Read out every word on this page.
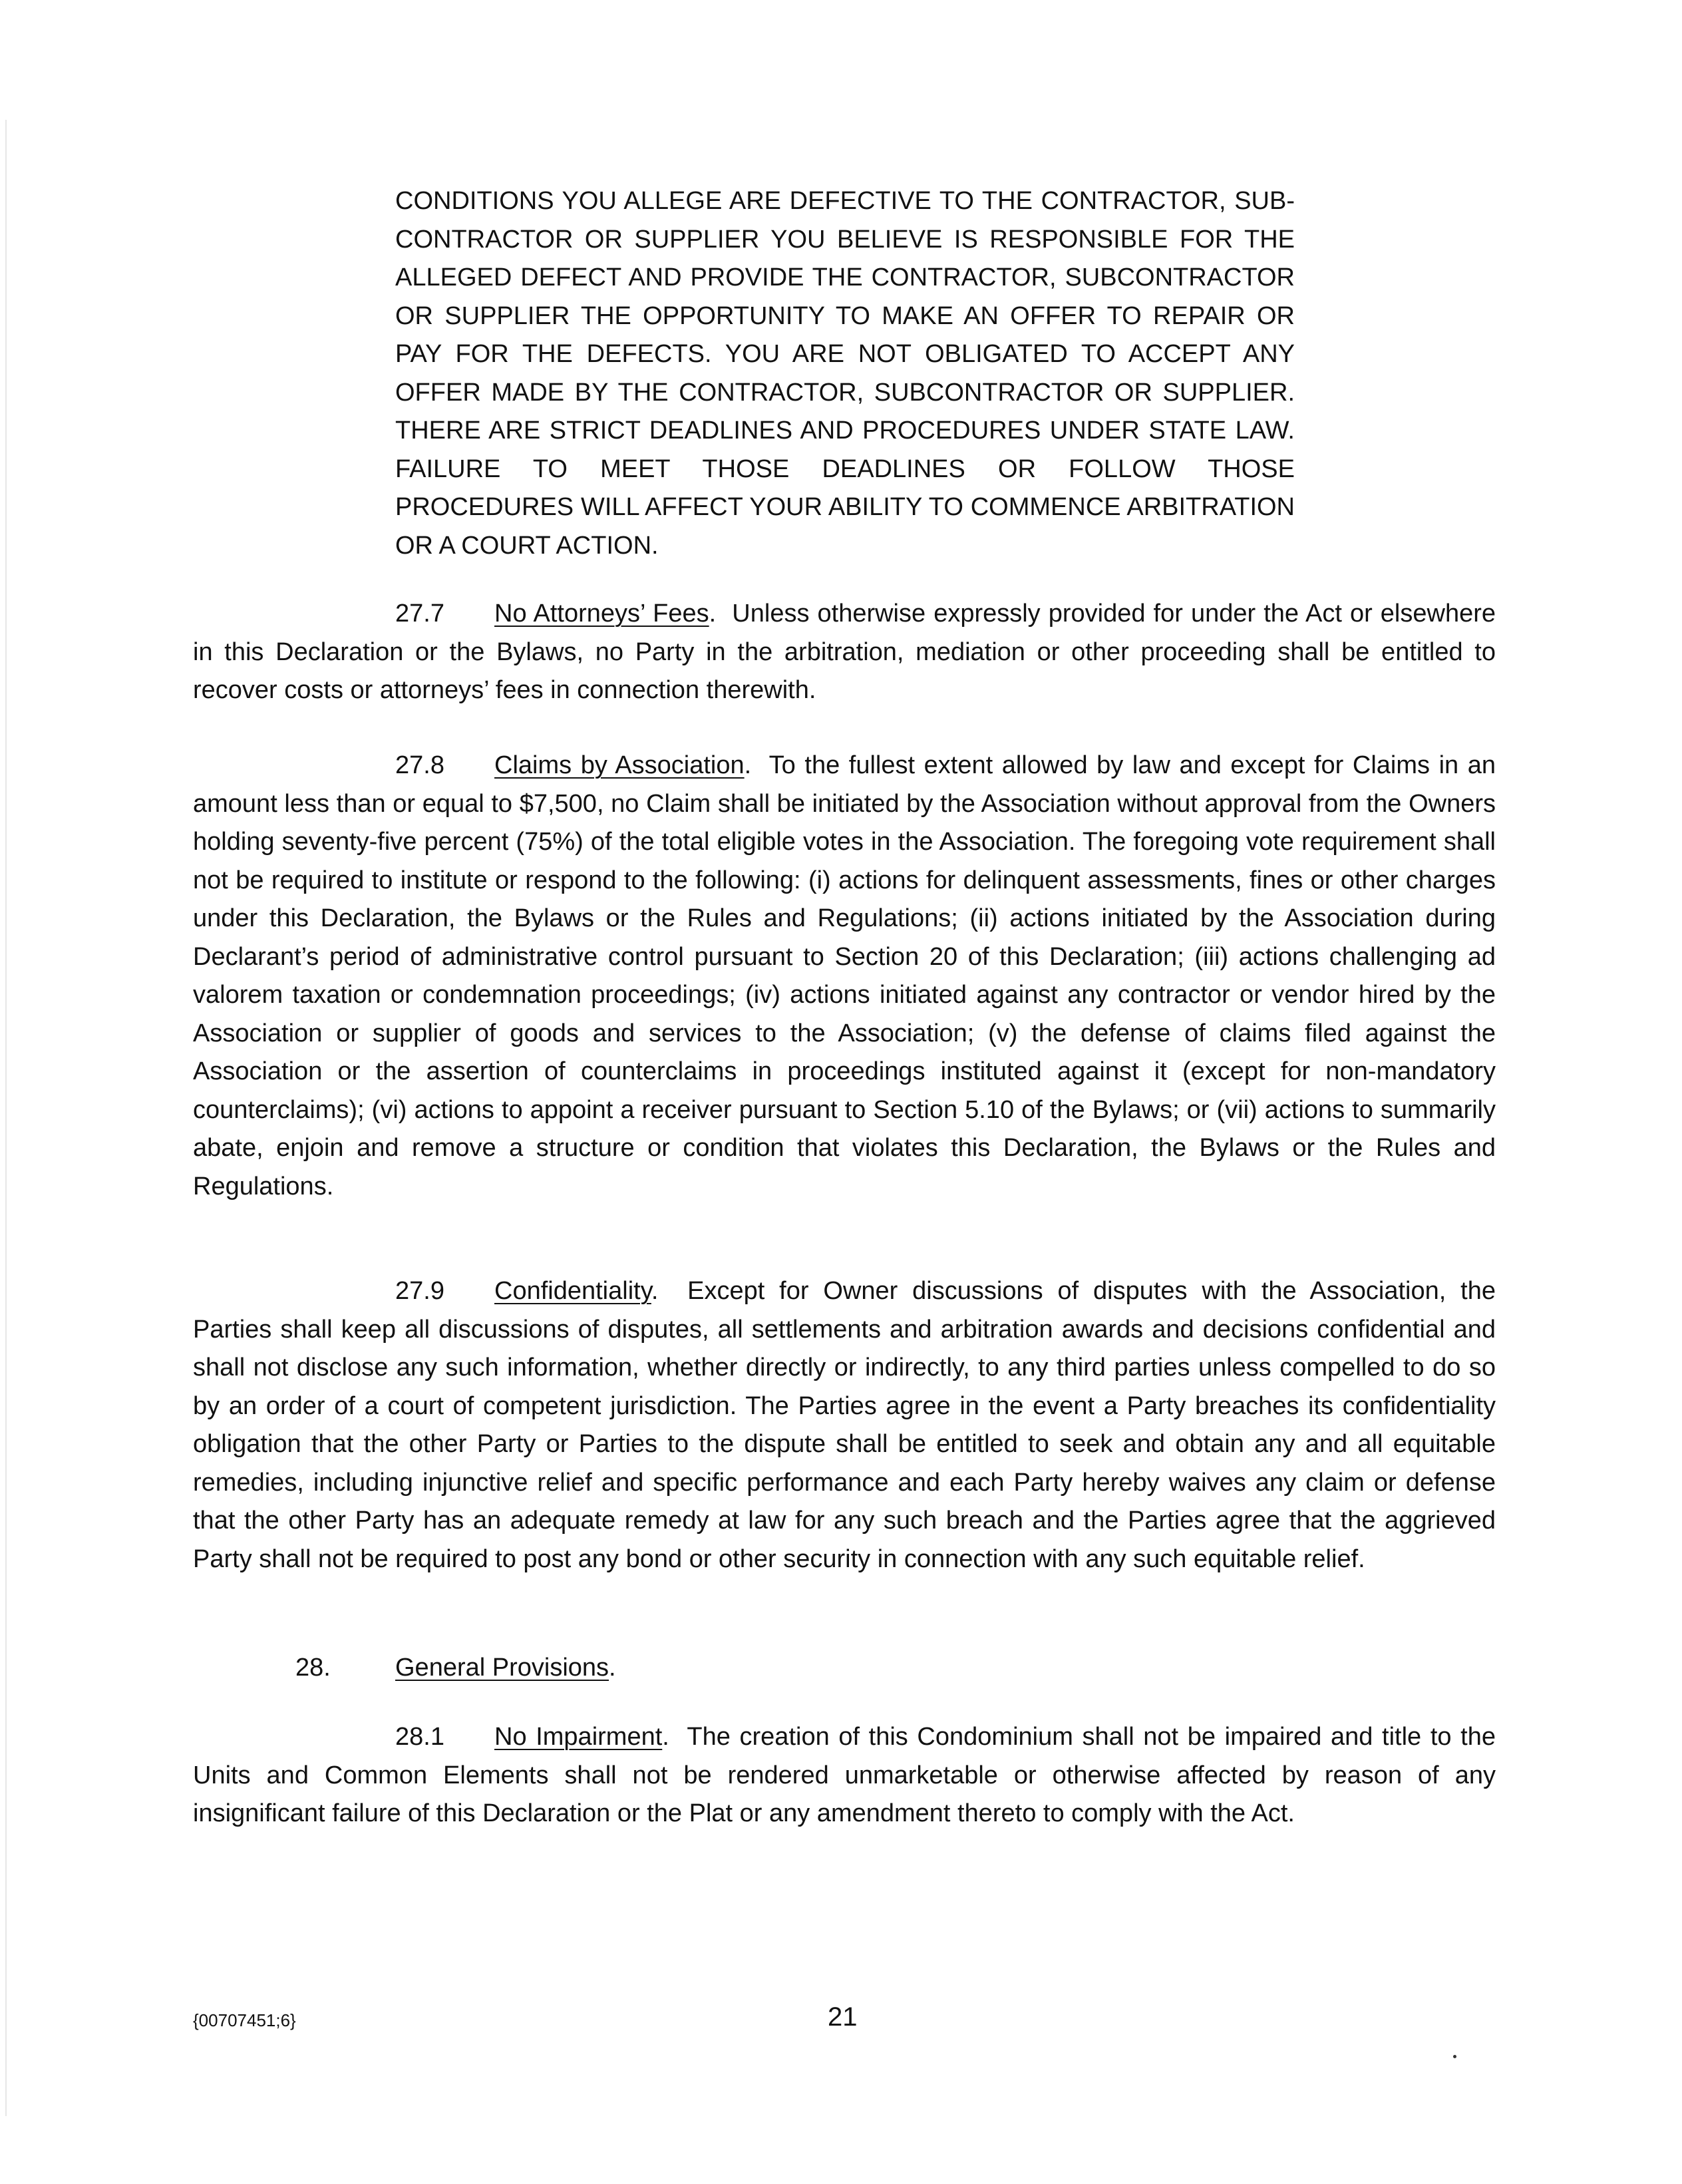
CONDITIONS YOU ALLEGE ARE DEFECTIVE TO THE CONTRACTOR, SUB-CONTRACTOR OR SUPPLIER YOU BELIEVE IS RESPONSIBLE FOR THE ALLEGED DEFECT AND PROVIDE THE CONTRACTOR, SUBCONTRACTOR OR SUPPLIER THE OPPORTUNITY TO MAKE AN OFFER TO REPAIR OR PAY FOR THE DEFECTS. YOU ARE NOT OBLIGATED TO ACCEPT ANY OFFER MADE BY THE CONTRACTOR, SUBCONTRACTOR OR SUPPLIER. THERE ARE STRICT DEADLINES AND PROCEDURES UNDER STATE LAW. FAILURE TO MEET THOSE DEADLINES OR FOLLOW THOSE PROCEDURES WILL AFFECT YOUR ABILITY TO COMMENCE ARBITRATION OR A COURT ACTION.
27.7 No Attorneys’ Fees.  Unless otherwise expressly provided for under the Act or elsewhere in this Declaration or the Bylaws, no Party in the arbitration, mediation or other proceeding shall be entitled to recover costs or attorneys’ fees in connection therewith.
27.8 Claims by Association.  To the fullest extent allowed by law and except for Claims in an amount less than or equal to $7,500, no Claim shall be initiated by the Association without approval from the Owners holding seventy-five percent (75%) of the total eligible votes in the Association. The foregoing vote requirement shall not be required to institute or respond to the following: (i) actions for delinquent assessments, fines or other charges under this Declaration, the Bylaws or the Rules and Regulations; (ii) actions initiated by the Association during Declarant’s period of administrative control pursuant to Section 20 of this Declaration; (iii) actions challenging ad valorem taxation or condemnation proceedings; (iv) actions initiated against any contractor or vendor hired by the Association or supplier of goods and services to the Association; (v) the defense of claims filed against the Association or the assertion of counterclaims in proceedings instituted against it (except for non-mandatory counterclaims); (vi) actions to appoint a receiver pursuant to Section 5.10 of the Bylaws; or (vii) actions to summarily abate, enjoin and remove a structure or condition that violates this Declaration, the Bylaws or the Rules and Regulations.
27.9 Confidentiality.  Except for Owner discussions of disputes with the Association, the Parties shall keep all discussions of disputes, all settlements and arbitration awards and decisions confidential and shall not disclose any such information, whether directly or indirectly, to any third parties unless compelled to do so by an order of a court of competent jurisdiction. The Parties agree in the event a Party breaches its confidentiality obligation that the other Party or Parties to the dispute shall be entitled to seek and obtain any and all equitable remedies, including injunctive relief and specific performance and each Party hereby waives any claim or defense that the other Party has an adequate remedy at law for any such breach and the Parties agree that the aggrieved Party shall not be required to post any bond or other security in connection with any such equitable relief.
28.	General Provisions.
28.1 No Impairment.  The creation of this Condominium shall not be impaired and title to the Units and Common Elements shall not be rendered unmarketable or otherwise affected by reason of any insignificant failure of this Declaration or the Plat or any amendment thereto to comply with the Act.
{00707451;6}	21
